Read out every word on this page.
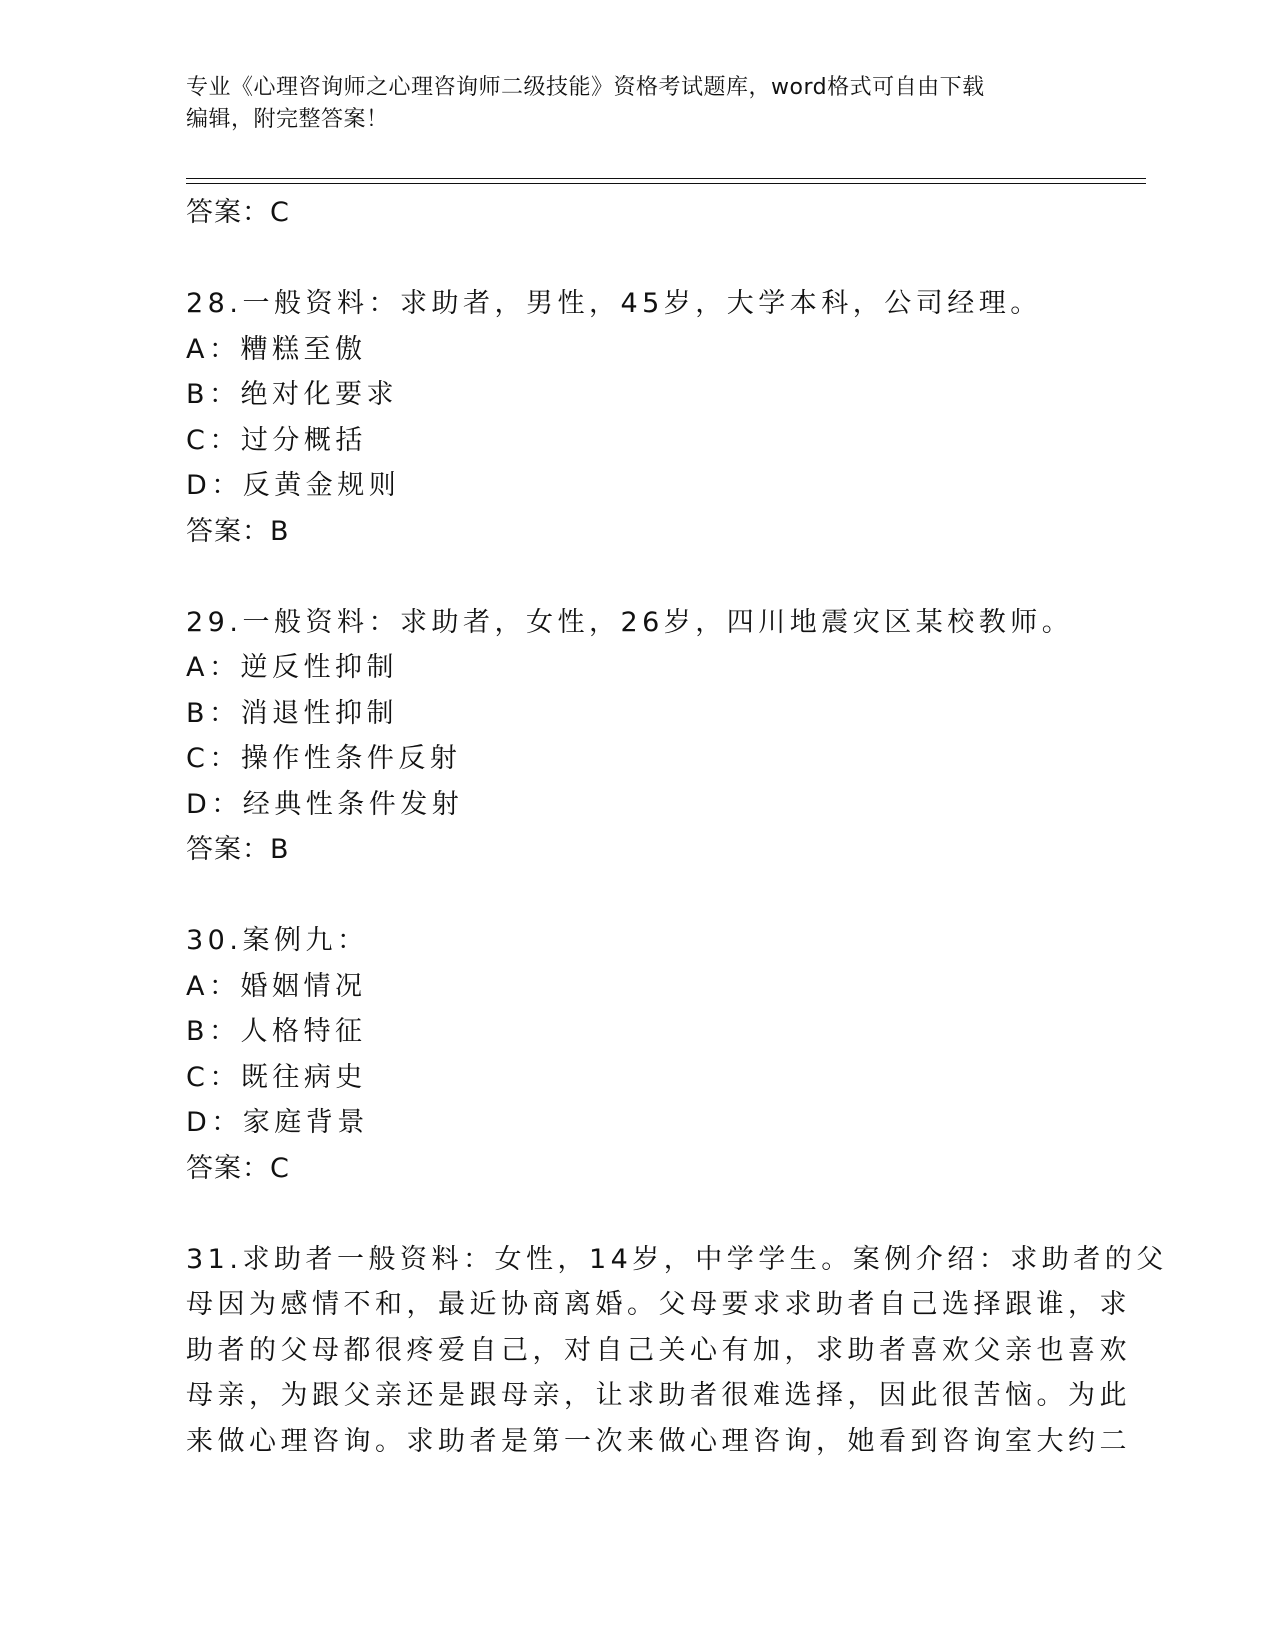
专业《心理咨询师之心理咨询师二级技能》资格考试题库，word格式可自由下载
编辑，附完整答案！
答案：C
28.一般资料：求助者，男性，45岁，大学本科，公司经理。
A：糟糕至傲
B：绝对化要求
C：过分概括
D：反黄金规则
答案：B
29.一般资料：求助者，女性，26岁，四川地震灾区某校教师。
A：逆反性抑制
B：消退性抑制
C：操作性条件反射
D：经典性条件发射
答案：B
30.案例九：
A：婚姻情况
B：人格特征
C：既往病史
D：家庭背景
答案：C
31.求助者一般资料：女性，14岁，中学学生。案例介绍：求助者的父
母因为感情不和，最近协商离婚。父母要求求助者自己选择跟谁，求
助者的父母都很疼爱自己，对自己关心有加，求助者喜欢父亲也喜欢
母亲，为跟父亲还是跟母亲，让求助者很难选择，因此很苦恼。为此
来做心理咨询。求助者是第一次来做心理咨询，她看到咨询室大约二
